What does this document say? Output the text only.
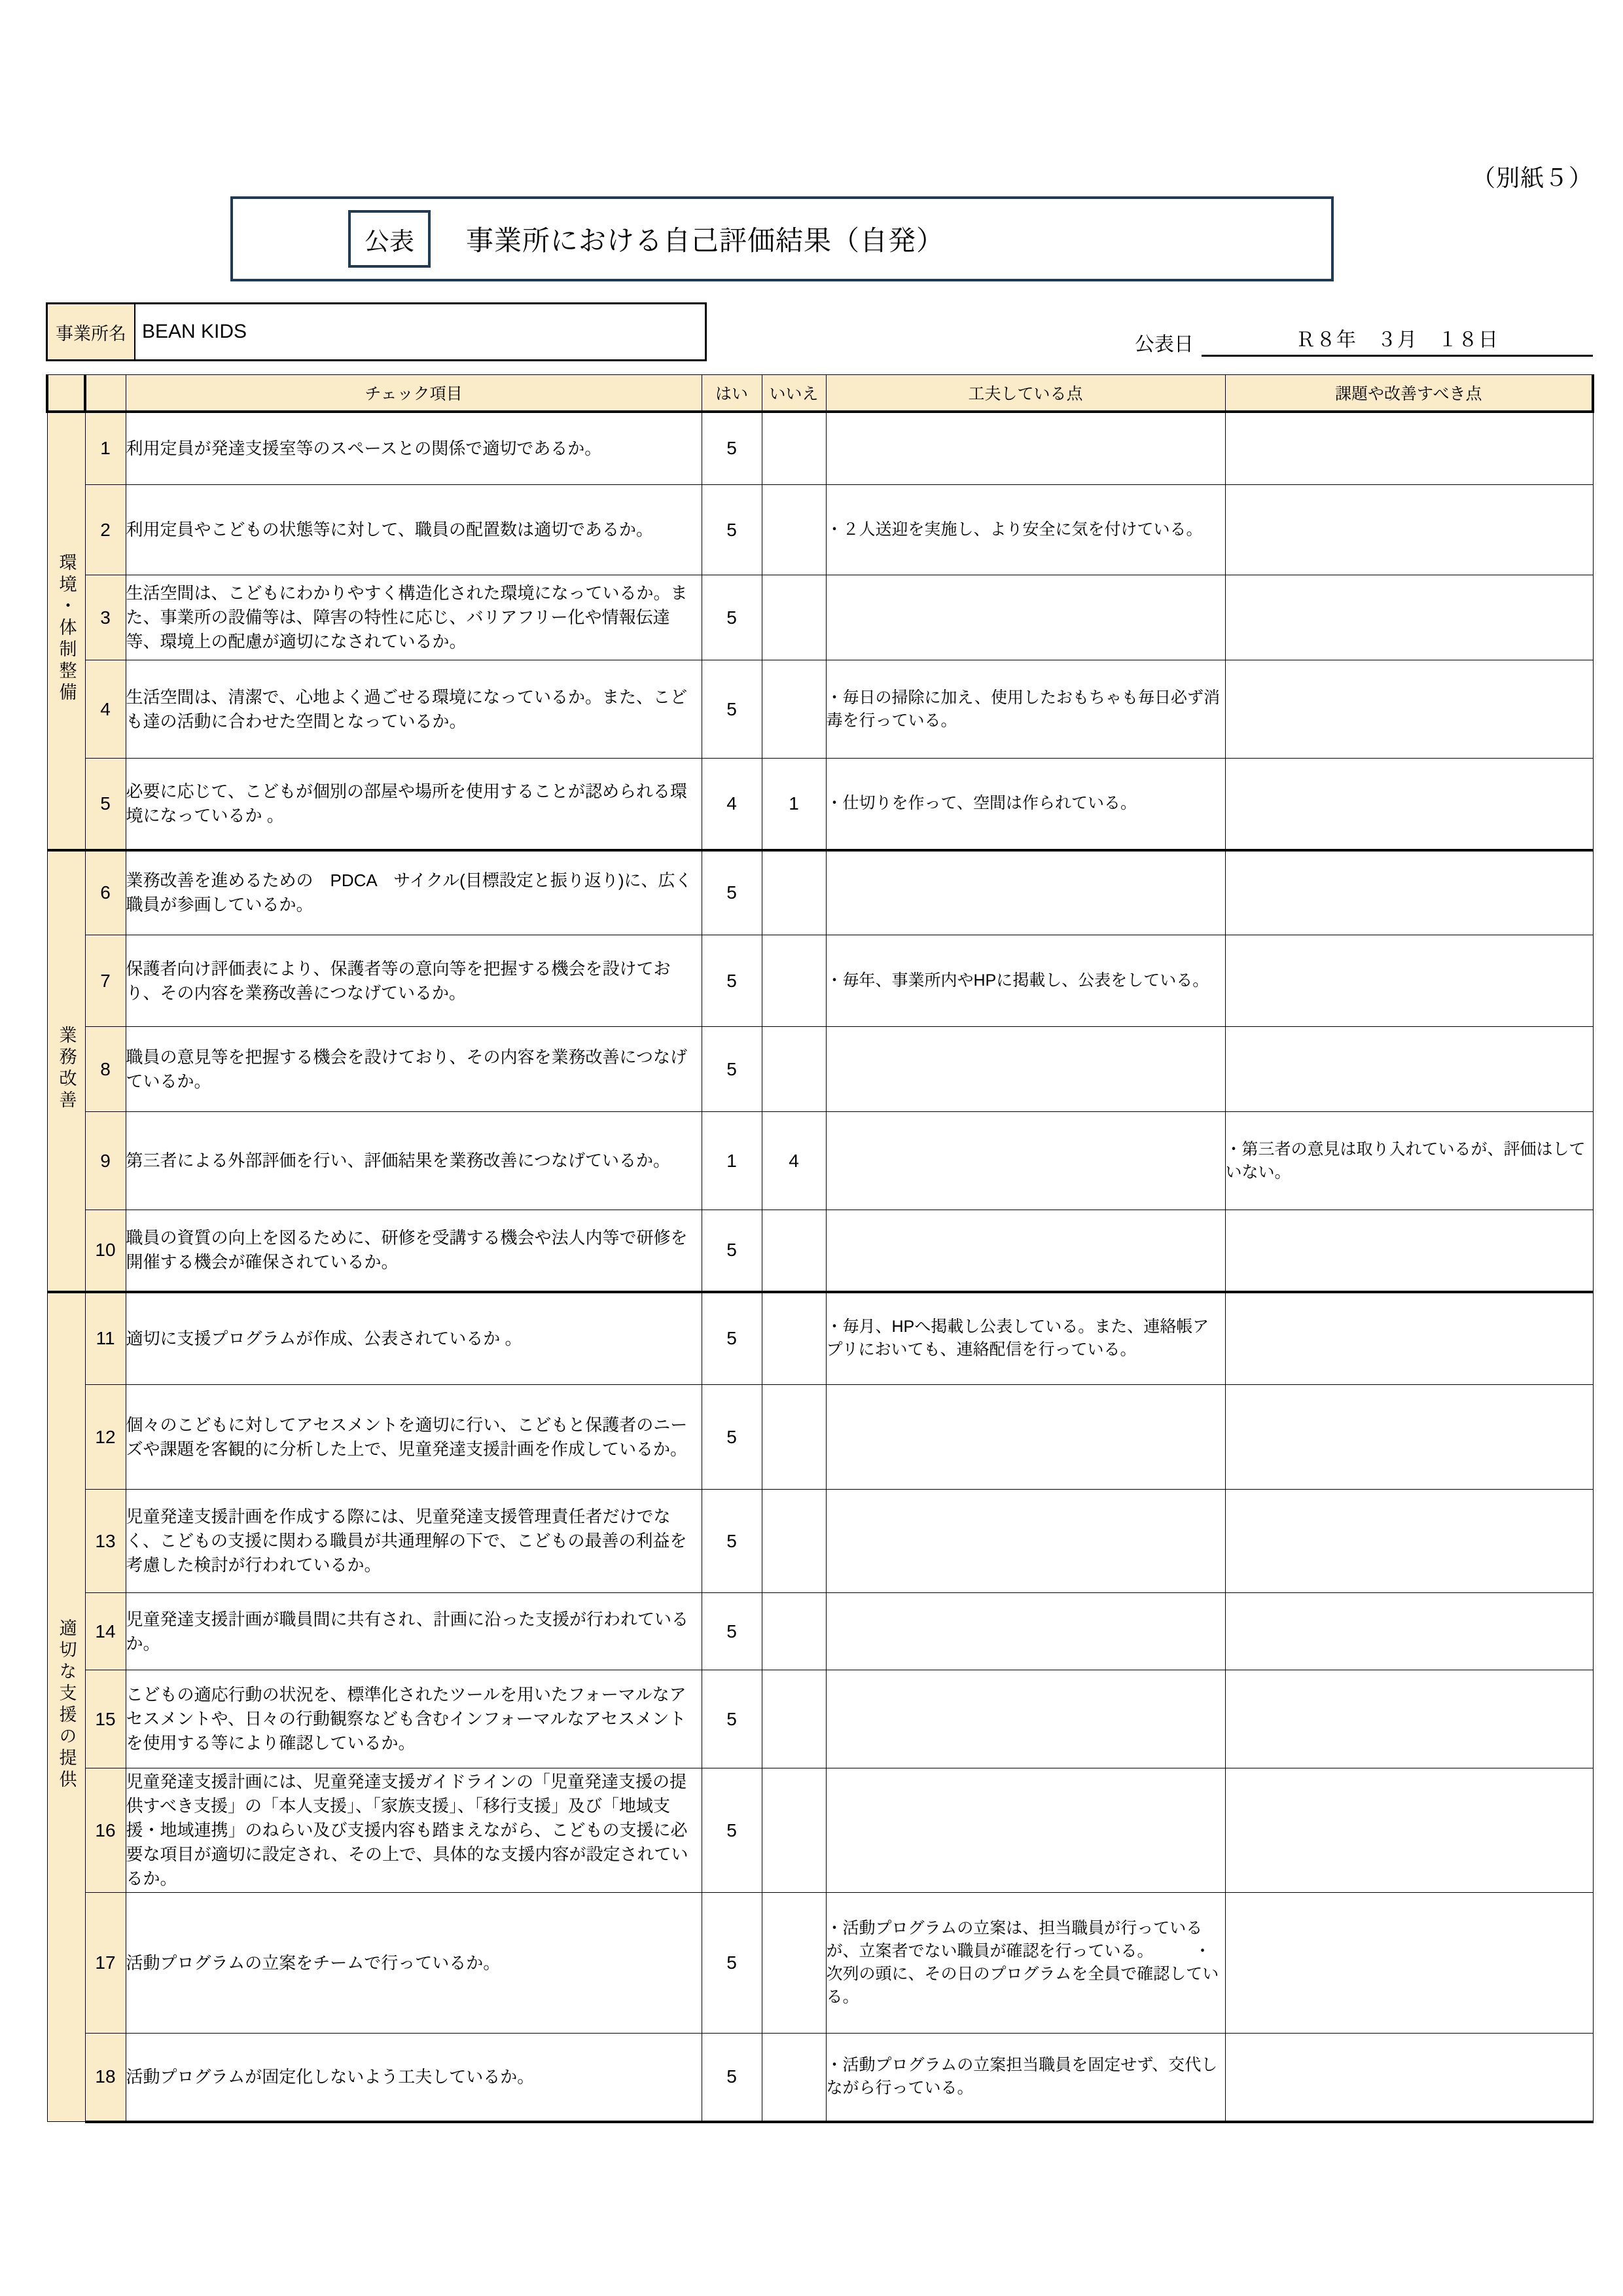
（別紙５）
公表	事業所における自己評価結果（自発）
事業所名 BEAN KIDS
公表日	Ｒ８年　３月　１８日
		チェック項目	はい	いいえ	工夫している点	課題や改善すべき点
環境・体制整備	1	利用定員が発達支援室等のスペースとの関係で適切であるか。	5			
	2	利用定員やこどもの状態等に対して、職員の配置数は適切であるか。	5		・２人送迎を実施し、より安全に気を付けている。	
	3	生活空間は、こどもにわかりやすく構造化された環境になっているか。また、事業所の設備等は、障害の特性に応じ、バリアフリー化や情報伝達等、環境上の配慮が適切になされているか。	5			
	4	生活空間は、清潔で、心地よく過ごせる環境になっているか。また、こども達の活動に合わせた空間となっているか。	5		・毎日の掃除に加え、使用したおもちゃも毎日必ず消毒を行っている。	
	5	必要に応じて、こどもが個別の部屋や場所を使用することが認められる環境になっているか 。	4	1	・仕切りを作って、空間は作られている。	
業務改善	6	業務改善を進めるための　PDCA　サイクル(目標設定と振り返り)に、広く職員が参画しているか。	5			
	7	保護者向け評価表により、保護者等の意向等を把握する機会を設けており、その内容を業務改善につなげているか。	5		・毎年、事業所内やHPに掲載し、公表をしている。	
	8	職員の意見等を把握する機会を設けており、その内容を業務改善につなげているか。	5			
	9	第三者による外部評価を行い、評価結果を業務改善につなげているか。	1	4		・第三者の意見は取り入れているが、評価はしていない。
	10	職員の資質の向上を図るために、研修を受講する機会や法人内等で研修を開催する機会が確保されているか。	5			
適切な支援の提供	11	適切に支援プログラムが作成、公表されているか 。	5		・毎月、HPへ掲載し公表している。また、連絡帳アプリにおいても、連絡配信を行っている。	
	12	個々のこどもに対してアセスメントを適切に行い、こどもと保護者のニーズや課題を客観的に分析した上で、児童発達支援計画を作成しているか。	5			
	13	児童発達支援計画を作成する際には、児童発達支援管理責任者だけでなく、こどもの支援に関わる職員が共通理解の下で、こどもの最善の利益を考慮した検討が行われているか。	5			
	14	児童発達支援計画が職員間に共有され、計画に沿った支援が行われているか。	5			
	15	こどもの適応行動の状況を、標準化されたツールを用いたフォーマルなアセスメントや、日々の行動観察なども含むインフォーマルなアセスメントを使用する等により確認しているか。	5			
	16	児童発達支援計画には、児童発達支援ガイドラインの「児童発達支援の提供すべき支援」の「本人支援」、「家族支援」、「移行支援」及び「地域支援・地域連携」のねらい及び支援内容も踏まえながら、こどもの支援に必要な項目が適切に設定され、その上で、具体的な支援内容が設定されているか。	5			
	17	活動プログラムの立案をチームで行っているか。	5		・活動プログラムの立案は、担当職員が行っているが、立案者でない職員が確認を行っている。　　　・次列の頭に、その日のプログラムを全員で確認している。	
	18	活動プログラムが固定化しないよう工夫しているか。	5		・活動プログラムの立案担当職員を固定せず、交代しながら行っている。	
